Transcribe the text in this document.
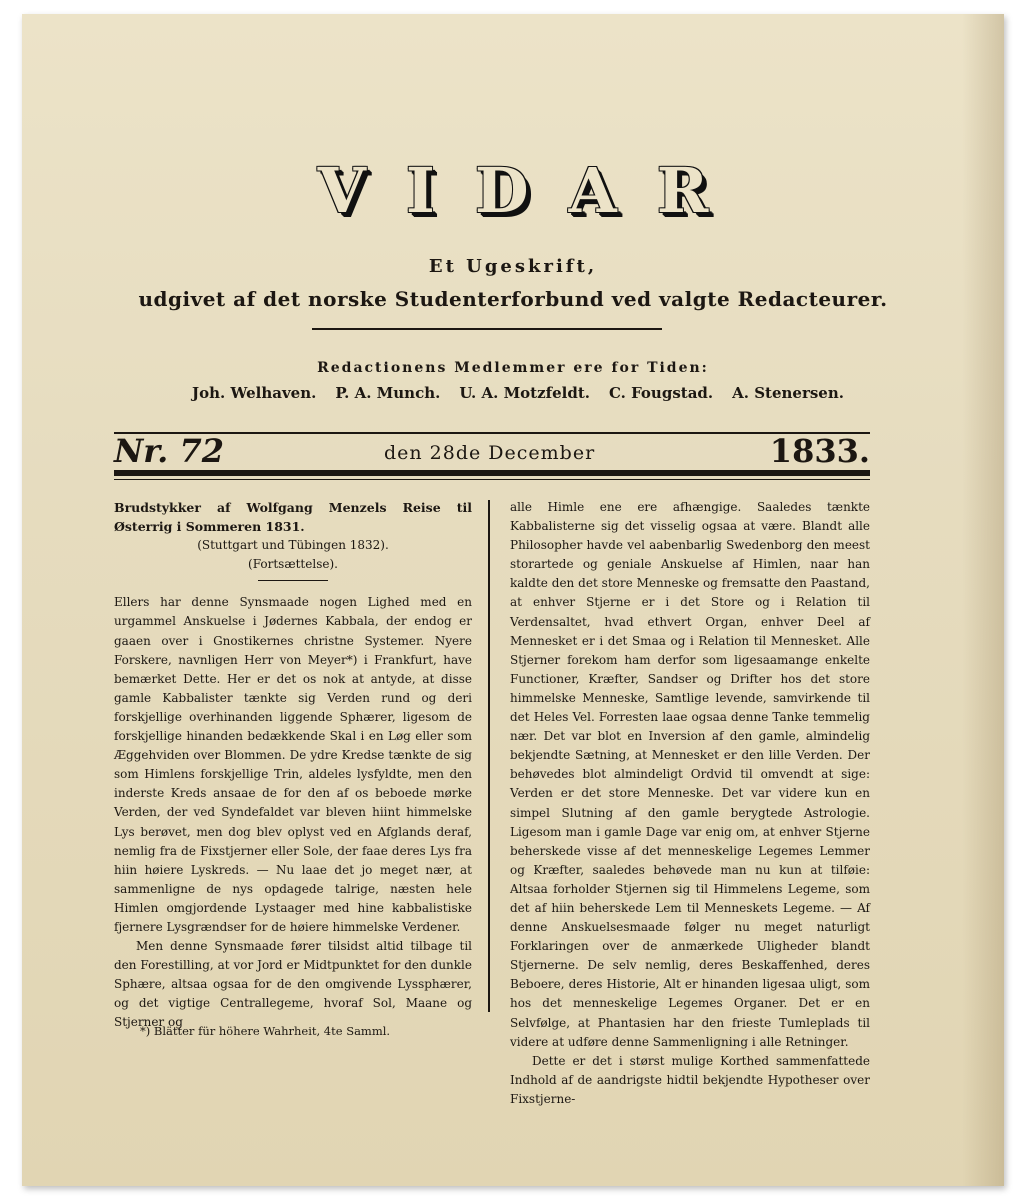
VIDAR
Et Ugeskrift,
udgivet af det norske Studenterforbund ved valgte Redacteurer.
Redactionens Medlemmer ere for Tiden:
Joh. Welhaven. P. A. Munch. U. A. Motzfeldt. C. Fougstad. A. Stenersen.
Nr. 72	den 28de December	1833.

Brudstykker af Wolfgang Menzels Reise til Østerrig i Sommeren 1831.

(Stuttgart und Tübingen 1832).

(Fortsættelse).

Ellers har denne Synsmaade nogen Lighed med en urgammel Anskuelse i Jødernes Kabbala, der endog er gaaen over i Gnostikernes christne Systemer. Nyere Forskere, navnligen Herr von Meyer*) i Frankfurt, have bemærket Dette. Her er det os nok at antyde, at disse gamle Kabbalister tænkte sig Verden rund og deri forskjellige overhinanden liggende Sphærer, ligesom de forskjellige hinanden bedækkende Skal i en Løg eller som Æggehviden over Blommen. De ydre Kredse tænkte de sig som Himlens forskjellige Trin, aldeles lysfyldte, men den inderste Kreds ansaae de for den af os beboede mørke Verden, der ved Syndefaldet var bleven hiint himmelske Lys berøvet, men dog blev oplyst ved en Afglands deraf, nemlig fra de Fixstjerner eller Sole, der faae deres Lys fra hiin høiere Lyskreds. — Nu laae det jo meget nær, at sammenligne de nys opdagede talrige, næsten hele Himlen omgjordende Lystaager med hine kabbalistiske fjernere Lysgrændser for de høiere himmelske Verdener.

Men denne Synsmaade fører tilsidst altid tilbage til den Forestilling, at vor Jord er Midtpunktet for den dunkle Sphære, altsaa ogsaa for de den omgivende Lyssphærer, og det vigtige Centrallegeme, hvoraf Sol, Maane og Stjerner og

alle Himle ene ere afhængige. Saaledes tænkte Kabbalisterne sig det visselig ogsaa at være. Blandt alle Philosopher havde vel aabenbarlig Swedenborg den meest storartede og geniale Anskuelse af Himlen, naar han kaldte den det store Menneske og fremsatte den Paastand, at enhver Stjerne er i det Store og i Relation til Verdensaltet, hvad ethvert Organ, enhver Deel af Mennesket er i det Smaa og i Relation til Mennesket. Alle Stjerner forekom ham derfor som ligesaamange enkelte Functioner, Kræfter, Sandser og Drifter hos det store himmelske Menneske, Samtlige levende, samvirkende til det Heles Vel. Forresten laae ogsaa denne Tanke temmelig nær. Det var blot en Inversion af den gamle, almindelig bekjendte Sætning, at Mennesket er den lille Verden. Der behøvedes blot almindeligt Ordvid til omvendt at sige: Verden er det store Menneske. Det var videre kun en simpel Slutning af den gamle berygtede Astrologie. Ligesom man i gamle Dage var enig om, at enhver Stjerne beherskede visse af det menneskelige Legemes Lemmer og Kræfter, saaledes behøvede man nu kun at tilføie: Altsaa forholder Stjernen sig til Himmelens Legeme, som det af hiin beherskede Lem til Menneskets Legeme. — Af denne Anskuelsesmaade følger nu meget naturligt Forklaringen over de anmærkede Uligheder blandt Stjernerne. De selv nemlig, deres Beskaffenhed, deres Beboere, deres Historie, Alt er hinanden ligesaa uligt, som hos det menneskelige Legemes Organer. Det er en Selvfølge, at Phantasien har den frieste Tumleplads til videre at udføre denne Sammenligning i alle Retninger.

Dette er det i størst mulige Korthed sammenfattede Indhold af de aandrigste hidtil bekjendte Hypotheser over Fixstjerne-

*) Blätter für höhere Wahrheit, 4te Samml.
